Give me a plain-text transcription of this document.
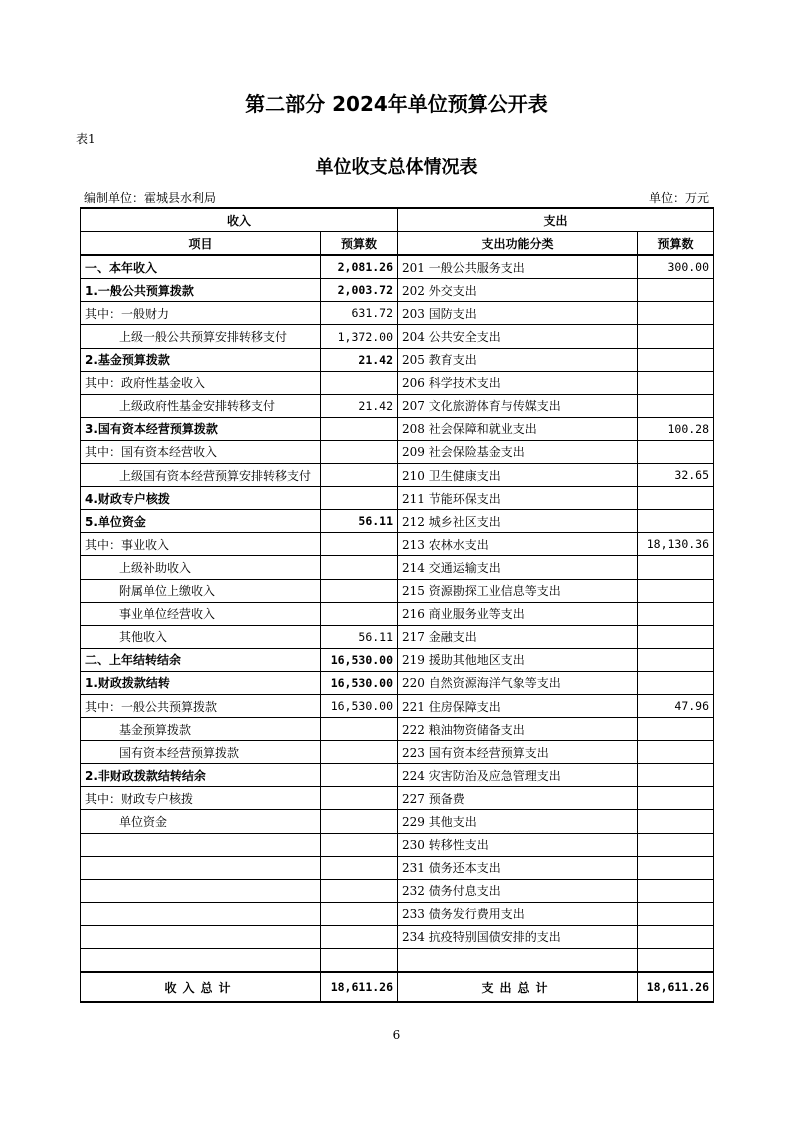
第二部分 2024年单位预算公开表
表1
单位收支总体情况表
编制单位：霍城县水利局	单位：万元
收入		支出	
项目	预算数	支出功能分类	预算数
一、本年收入	2,081.26	201 一般公共服务支出	300.00
1.一般公共预算拨款	2,003.72	202 外交支出	
其中：一般财力	631.72	203 国防支出	
上级一般公共预算安排转移支付	1,372.00	204 公共安全支出	
2.基金预算拨款	21.42	205 教育支出	
其中：政府性基金收入		206 科学技术支出	
上级政府性基金安排转移支付	21.42	207 文化旅游体育与传媒支出	
3.国有资本经营预算拨款		208 社会保障和就业支出	100.28
其中：国有资本经营收入		209 社会保险基金支出	
上级国有资本经营预算安排转移支付		210 卫生健康支出	32.65
4.财政专户核拨		211 节能环保支出	
5.单位资金	56.11	212 城乡社区支出	
其中：事业收入		213 农林水支出	18,130.36
上级补助收入		214 交通运输支出	
附属单位上缴收入		215 资源勘探工业信息等支出	
事业单位经营收入		216 商业服务业等支出	
其他收入	56.11	217 金融支出	
二、上年结转结余	16,530.00	219 援助其他地区支出	
1.财政拨款结转	16,530.00	220 自然资源海洋气象等支出	
其中：一般公共预算拨款	16,530.00	221 住房保障支出	47.96
基金预算拨款		222 粮油物资储备支出	
国有资本经营预算拨款		223 国有资本经营预算支出	
2.非财政拨款结转结余		224 灾害防治及应急管理支出	
其中：财政专户核拨		227 预备费	
单位资金		229 其他支出	
		230 转移性支出	
		231 债务还本支出	
		232 债务付息支出	
		233 债务发行费用支出	
		234 抗疫特别国债安排的支出	

收入总计	18,611.26	支出总计	18,611.26
6
